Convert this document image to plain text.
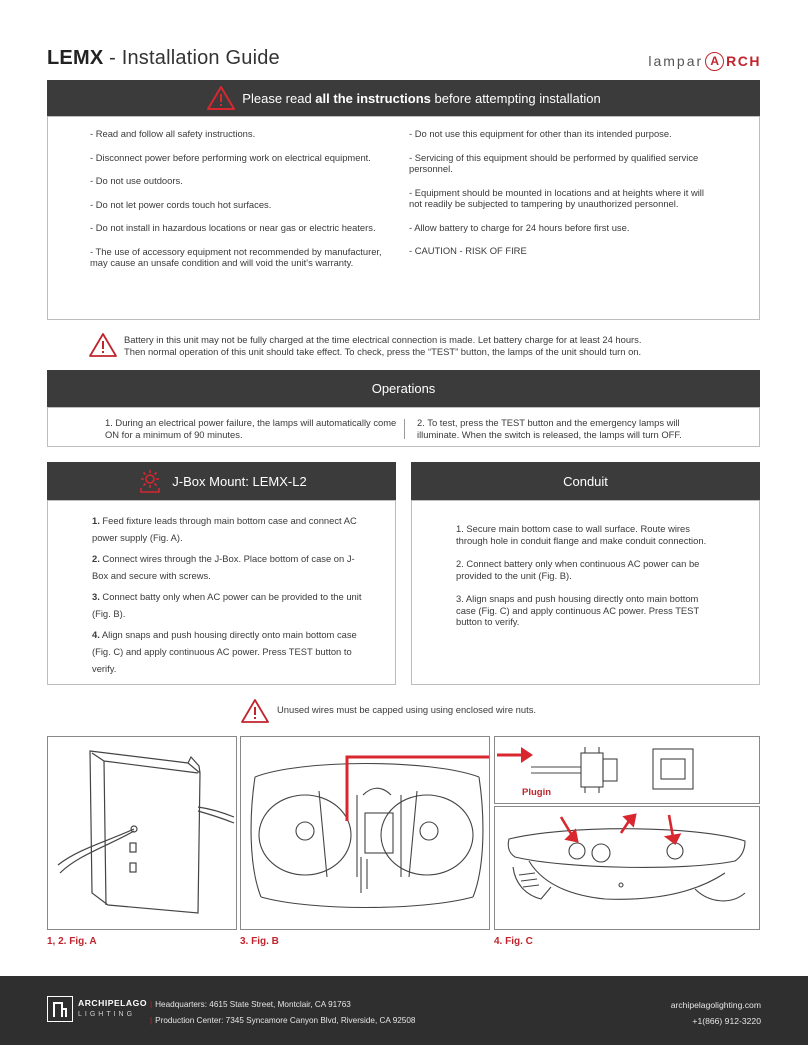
LEMX - Installation Guide	lampar A RCH
Please read all the instructions before attempting installation

- Read and follow all safety instructions.

- Disconnect power before performing work on electrical equipment.

- Do not use outdoors.

- Do not let power cords touch hot surfaces.

- Do not install in hazardous locations or near gas or electric heaters.

- The use of accessory equipment not recommended by manufacturer, may cause an unsafe condition and will void the unit's warranty.

- Do not use this equipment for other than its intended purpose.

- Servicing of this equipment should be performed by qualified service personnel.

- Equipment should be mounted in locations and at heights where it will not readily be subjected to tampering by unauthorized personnel.

- Allow battery to charge for 24 hours before first use.

- CAUTION - RISK OF FIRE

Battery in this unit may not be fully charged at the time electrical connection is made. Let battery charge for at least 24 hours.
Then normal operation of this unit should take effect. To check, press the “TEST” button, the lamps of the unit should turn on.
Operations
1. During an electrical power failure, the lamps will automatically come ON for a minimum of 90 minutes.
2. To test, press the TEST button and the emergency lamps will illuminate. When the switch is released, the lamps will turn OFF.
J-Box Mount: LEMX-L2

1. Feed fixture leads through main bottom case and connect AC power supply (Fig. A).

2. Connect wires through the J-Box. Place bottom of case on J-Box and secure with screws.

3. Connect batty only when AC power can be provided to the unit (Fig. B).

4. Align snaps and push housing directly onto main bottom case (Fig. C) and apply continuous AC power. Press TEST button to verify.

Conduit

1. Secure main bottom case to wall surface. Route wires through hole in conduit flange and make conduit connection.

2. Connect battery only when continuous AC power can be provided to the unit (Fig. B).

3. Align snaps and push housing directly onto main bottom case (Fig. C) and apply continuous AC power. Press TEST button to verify.

Unused wires must be capped using using enclosed wire nuts.
1, 2. Fig. A	3. Fig. B
Plugin
4. Fig. C
ARCHIPELAGO
LIGHTING
| Headquarters: 4615 State Street, Montclair, CA 91763
| Production Center: 7345 Syncamore Canyon Blvd, Riverside, CA 92508
archipelagolighting.com
+1(866) 912-3220
